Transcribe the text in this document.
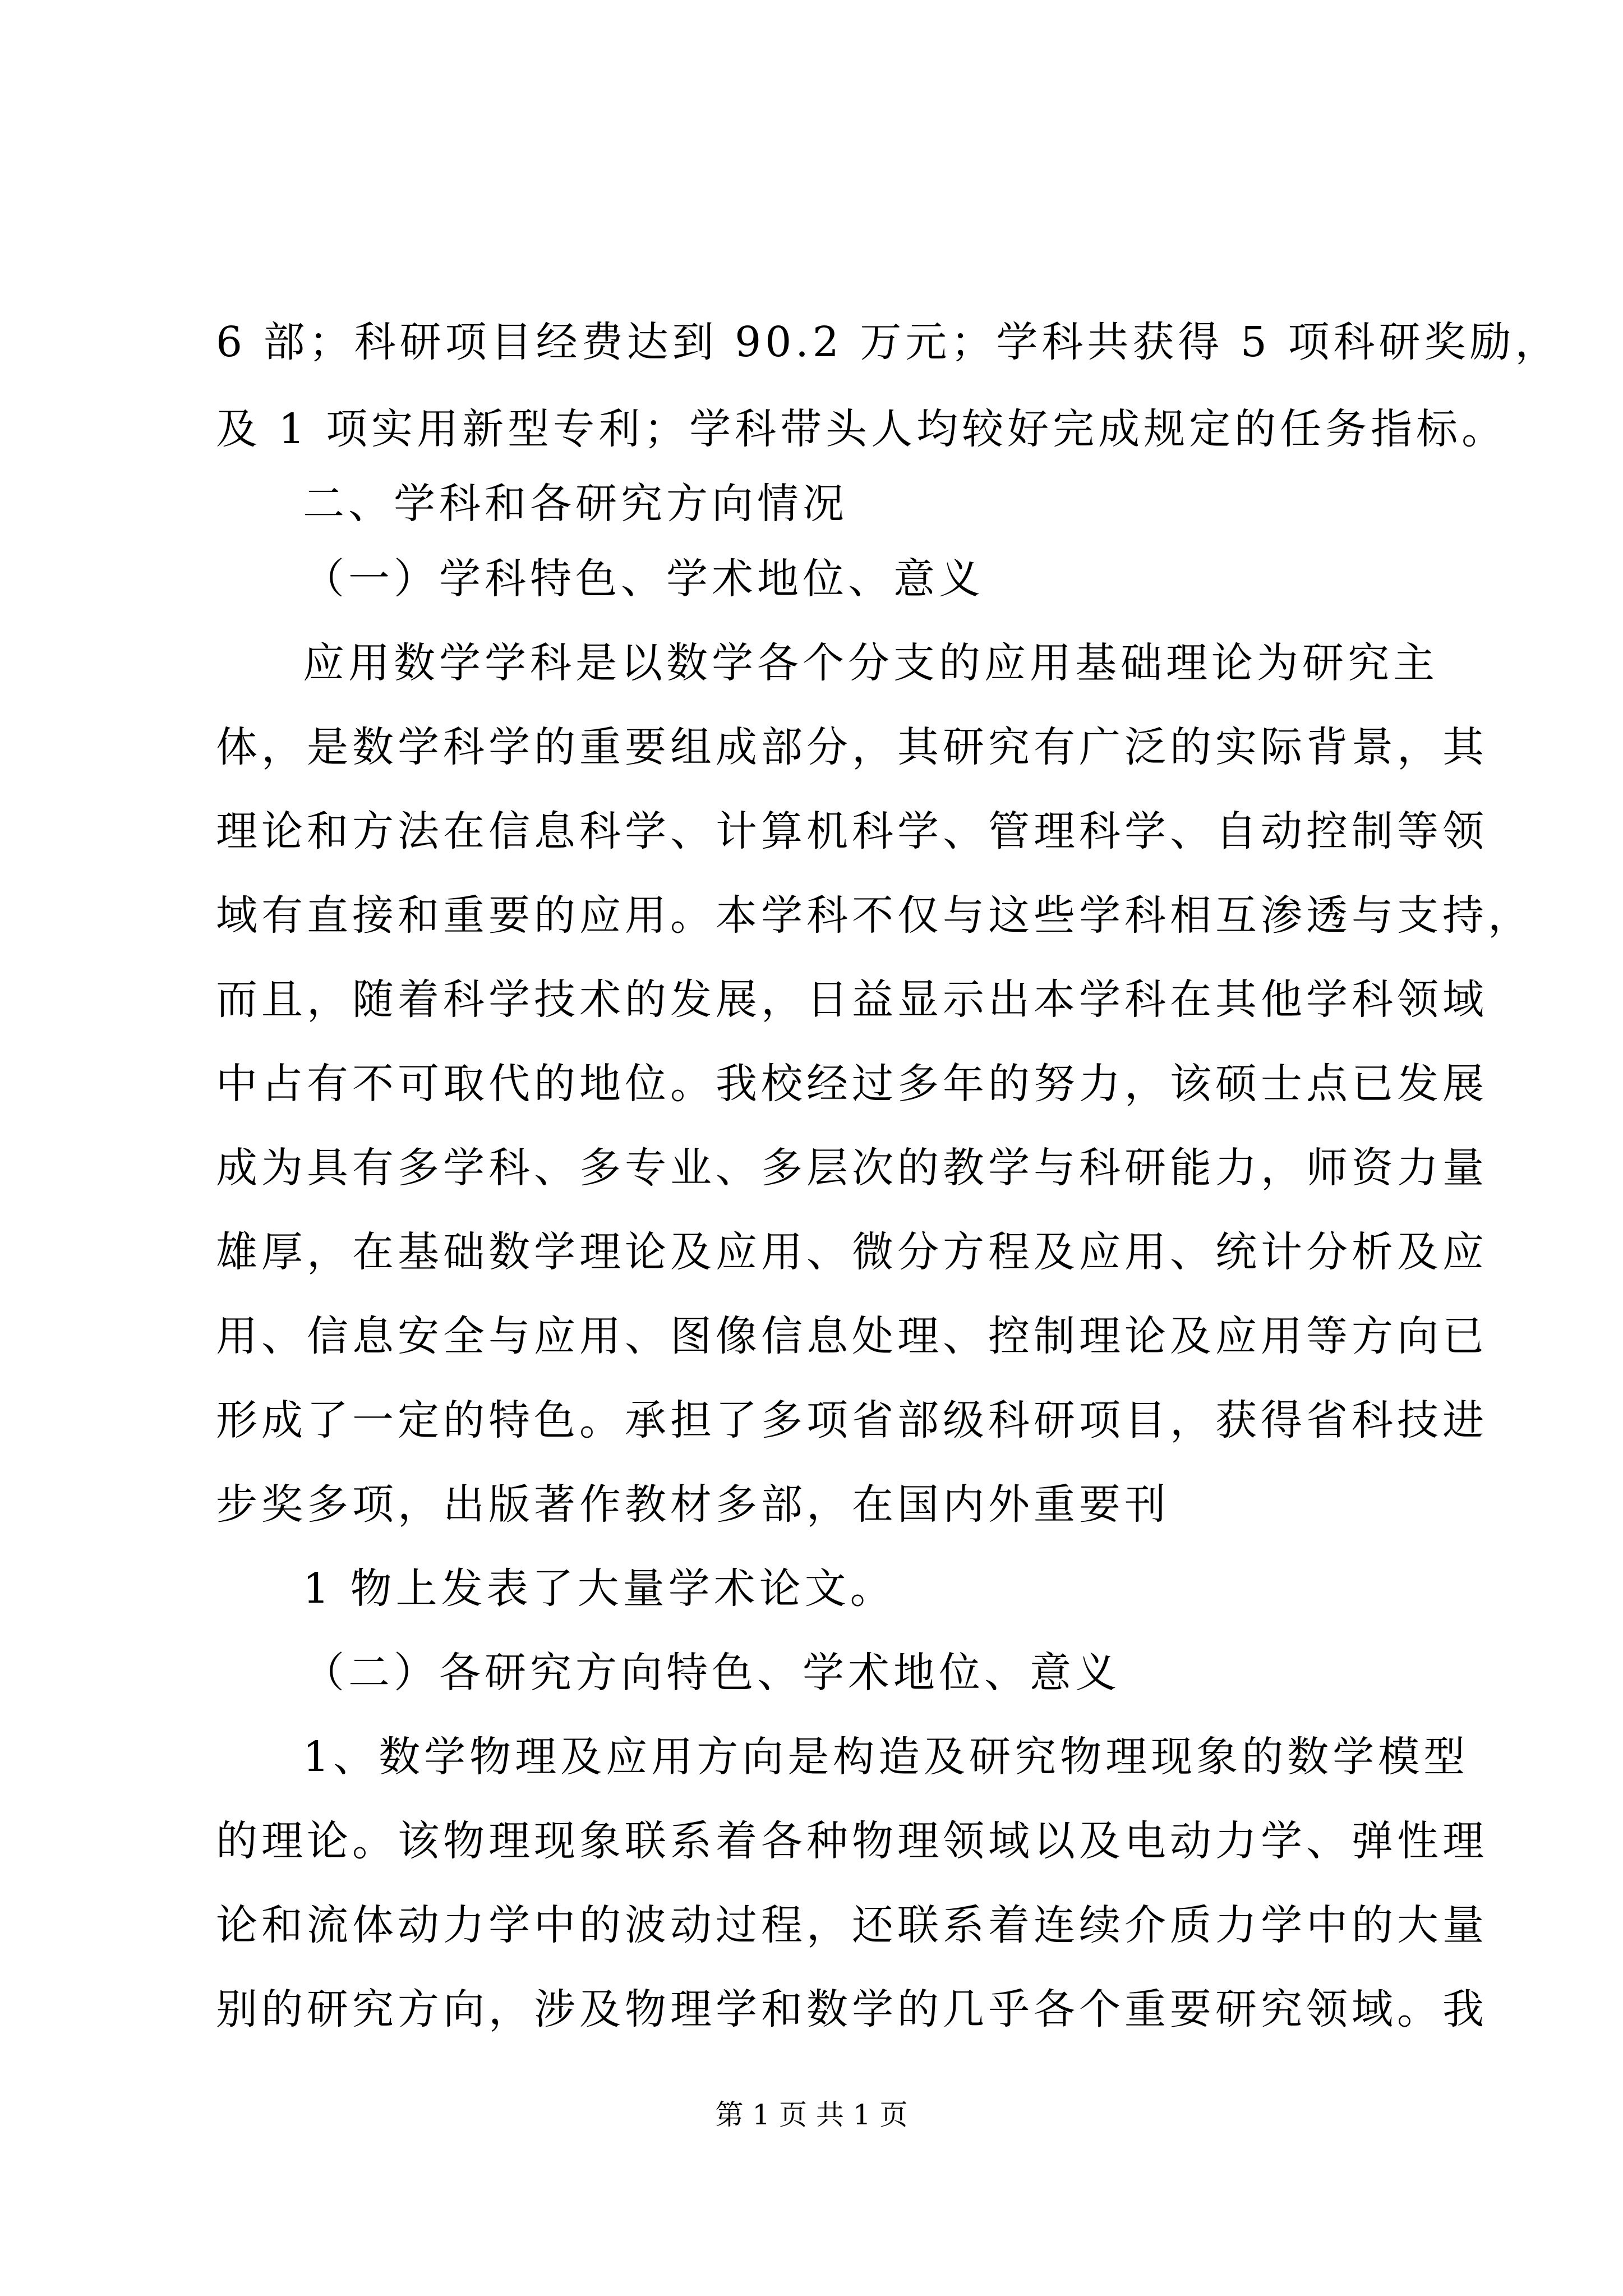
6 部；科研项目经费达到 90.2 万元；学科共获得 5 项科研奖励，
及 1 项实用新型专利；学科带头人均较好完成规定的任务指标。
二、学科和各研究方向情况
（一）学科特色、学术地位、意义
应用数学学科是以数学各个分支的应用基础理论为研究主
体，是数学科学的重要组成部分，其研究有广泛的实际背景，其
理论和方法在信息科学、计算机科学、管理科学、自动控制等领
域有直接和重要的应用。本学科不仅与这些学科相互渗透与支持，
而且，随着科学技术的发展，日益显示出本学科在其他学科领域
中占有不可取代的地位。我校经过多年的努力，该硕士点已发展
成为具有多学科、多专业、多层次的教学与科研能力，师资力量
雄厚，在基础数学理论及应用、微分方程及应用、统计分析及应
用、信息安全与应用、图像信息处理、控制理论及应用等方向已
形成了一定的特色。承担了多项省部级科研项目，获得省科技进
步奖多项，出版著作教材多部，在国内外重要刊
1 物上发表了大量学术论文。
（二）各研究方向特色、学术地位、意义
1、数学物理及应用方向是构造及研究物理现象的数学模型
的理论。该物理现象联系着各种物理领域以及电动力学、弹性理
论和流体动力学中的波动过程，还联系着连续介质力学中的大量
别的研究方向，涉及物理学和数学的几乎各个重要研究领域。我
第 1 页 共 1 页
